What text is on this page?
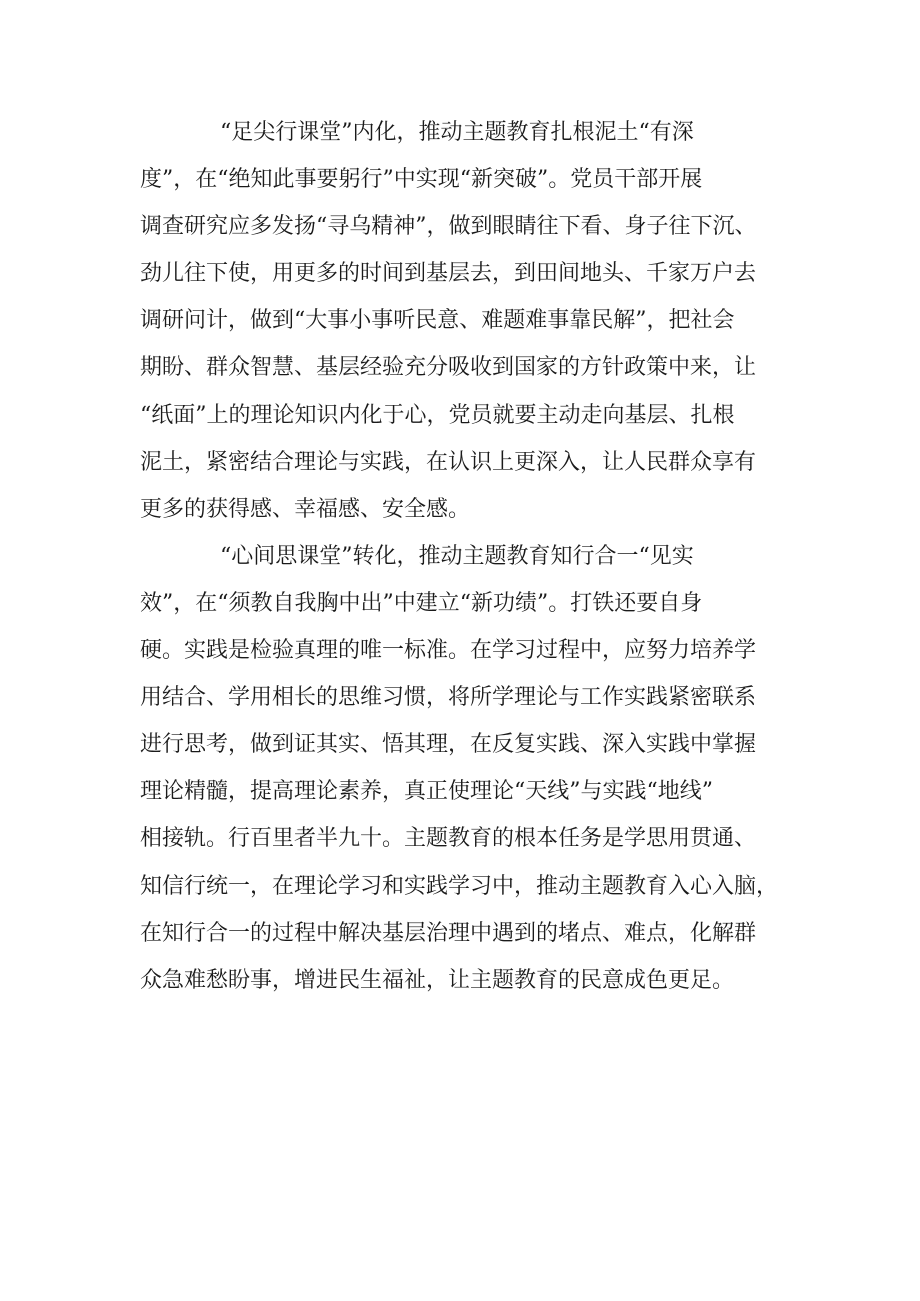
“足尖行课堂”内化，推动主题教育扎根泥土“有深
度”，在“绝知此事要躬行”中实现“新突破”。党员干部开展
调查研究应多发扬“寻乌精神”，做到眼睛往下看、身子往下沉、
劲儿往下使，用更多的时间到基层去，到田间地头、千家万户去
调研问计，做到“大事小事听民意、难题难事靠民解”，把社会
期盼、群众智慧、基层经验充分吸收到国家的方针政策中来，让
“纸面”上的理论知识内化于心，党员就要主动走向基层、扎根
泥土，紧密结合理论与实践，在认识上更深入，让人民群众享有
更多的获得感、幸福感、安全感。
“心间思课堂”转化，推动主题教育知行合一“见实
效”，在“须教自我胸中出”中建立“新功绩”。打铁还要自身
硬。实践是检验真理的唯一标准。在学习过程中，应努力培养学
用结合、学用相长的思维习惯，将所学理论与工作实践紧密联系
进行思考，做到证其实、悟其理，在反复实践、深入实践中掌握
理论精髓，提高理论素养，真正使理论“天线”与实践“地线”
相接轨。行百里者半九十。主题教育的根本任务是学思用贯通、
知信行统一，在理论学习和实践学习中，推动主题教育入心入脑，
在知行合一的过程中解决基层治理中遇到的堵点、难点，化解群
众急难愁盼事，增进民生福祉，让主题教育的民意成色更足。
